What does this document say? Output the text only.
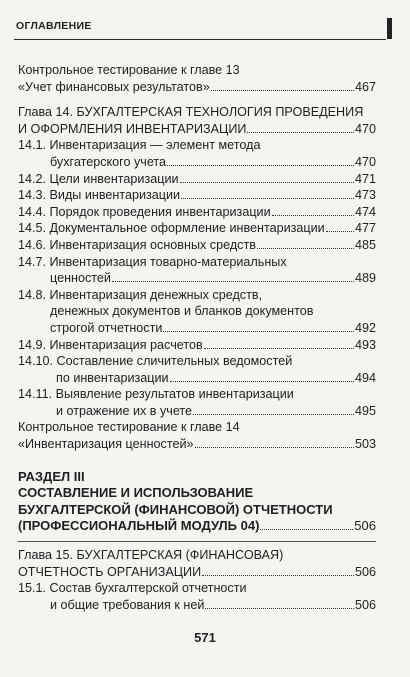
ОГЛАВЛЕНИЕ
Контрольное тестирование к главе 13
«Учет финансовых результатов»	467
Глава 14. БУХГАЛТЕРСКАЯ ТЕХНОЛОГИЯ ПРОВЕДЕНИЯ
И ОФОРМЛЕНИЯ ИНВЕНТАРИЗАЦИИ	470
14.1. Инвентаризация — элемент метода
бухгатерского учета	470
14.2. Цели инвентаризации	471
14.3. Виды инвентаризации	473
14.4. Порядок проведения инвентаризации	474
14.5. Документальное оформление инвентаризации 477
14.6. Инвентаризация основных средств	485
14.7. Инвентаризация товарно-материальных
ценностей	489
14.8. Инвентаризация денежных средств,
денежных документов и бланков документов
строгой отчетности	492
14.9. Инвентаризация расчетов	493
14.10. Составление сличительных ведомостей
по инвентаризации	494
14.11. Выявление результатов инвентаризации
и отражение их в учете	495
Контрольное тестирование к главе 14
«Инвентаризация ценностей»	503
РАЗДЕЛ III
СОСТАВЛЕНИЕ И ИСПОЛЬЗОВАНИЕ
БУХГАЛТЕРСКОЙ (ФИНАНСОВОЙ) ОТЧЕТНОСТИ
(ПРОФЕССИОНАЛЬНЫЙ МОДУЛЬ 04)	506
Глава 15. БУХГАЛТЕРСКАЯ (ФИНАНСОВАЯ)
ОТЧЕТНОСТЬ ОРГАНИЗАЦИИ	506
15.1. Состав бухгалтерской отчетности
и общие требования к ней	506
571
